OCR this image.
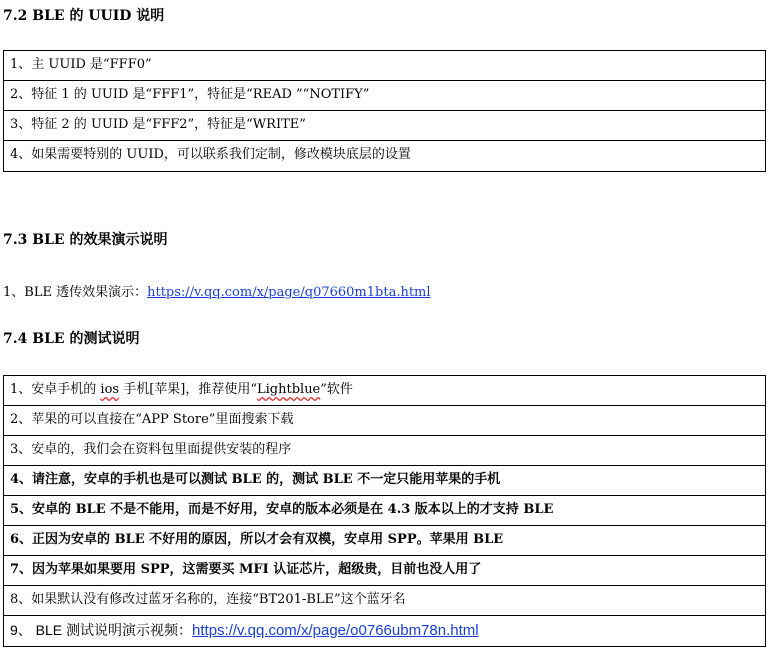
7.2 BLE 的 UUID 说明
1、主 UUID 是“FFF0”
2、特征 1 的 UUID 是“FFF1”，特征是“READ ”“NOTIFY”
3、特征 2 的 UUID 是“FFF2”，特征是“WRITE”
4、如果需要特别的 UUID，可以联系我们定制，修改模块底层的设置
7.3 BLE 的效果演示说明
1、BLE 透传效果演示：https://v.qq.com/x/page/q07660m1bta.html
7.4 BLE 的测试说明
1、安卓手机的 ios 手机[苹果]，推荐使用“Lightblue”软件
2、苹果的可以直接在“APP Store”里面搜索下载
3、安卓的，我们会在资料包里面提供安装的程序
4、请注意，安卓的手机也是可以测试 BLE 的，测试 BLE 不一定只能用苹果的手机
5、安卓的 BLE 不是不能用，而是不好用，安卓的版本必须是在 4.3 版本以上的才支持 BLE
6、正因为安卓的 BLE 不好用的原因，所以才会有双模，安卓用 SPP。苹果用 BLE
7、因为苹果如果要用 SPP，这需要买 MFI 认证芯片，超级贵，目前也没人用了
8、如果默认没有修改过蓝牙名称的，连接“BT201-BLE”这个蓝牙名
9、 BLE 测试说明演示视频：https://v.qq.com/x/page/o0766ubm78n.html
